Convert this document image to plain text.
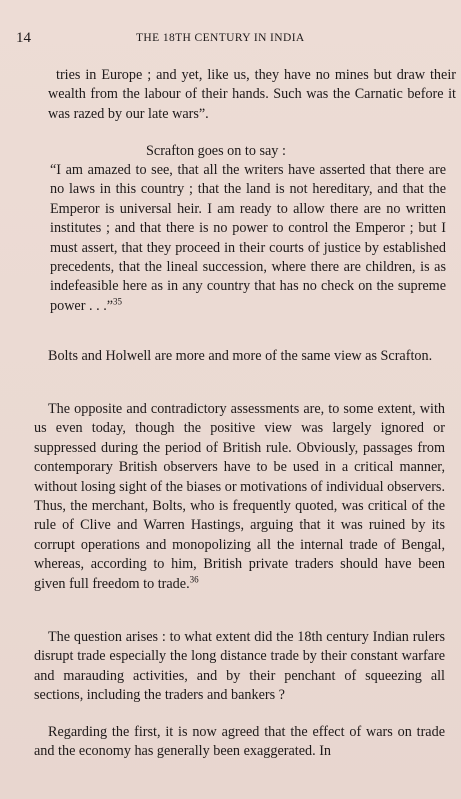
14	THE 18TH CENTURY IN INDIA

tries in Europe ; and yet, like us, they have no mines but draw their wealth from the labour of their hands. Such was the Carnatic before it was razed by our late wars”.

Scrafton goes on to say :

“I am amazed to see, that all the writers have asserted that there are no laws in this country ; that the land is not hereditary, and that the Emperor is universal heir. I am ready to allow there are no written institutes ; and that there is no power to control the Emperor ; but I must assert, that they proceed in their courts of justice by established precedents, that the lineal succession, where there are children, is as indefeasible here as in any country that has no check on the supreme power . . .”$^{35}$

Bolts and Holwell are more and more of the same view as Scrafton.

The opposite and contradictory assessments are, to some extent, with us even today, though the positive view was largely ignored or suppressed during the period of British rule. Obviously, passages from contemporary British observers have to be used in a critical manner, without losing sight of the biases or motivations of individual observers. Thus, the merchant, Bolts, who is frequently quoted, was critical of the rule of Clive and Warren Hastings, arguing that it was ruined by its corrupt operations and monopolizing all the internal trade of Bengal, whereas, according to him, British private traders should have been given full freedom to trade.$^{36}$

The question arises : to what extent did the 18th century Indian rulers disrupt trade especially the long distance trade by their constant warfare and marauding activities, and by their penchant of squeezing all sections, including the traders and bankers ?

Regarding the first, it is now agreed that the effect of wars on trade and the economy has generally been exaggerated. In
